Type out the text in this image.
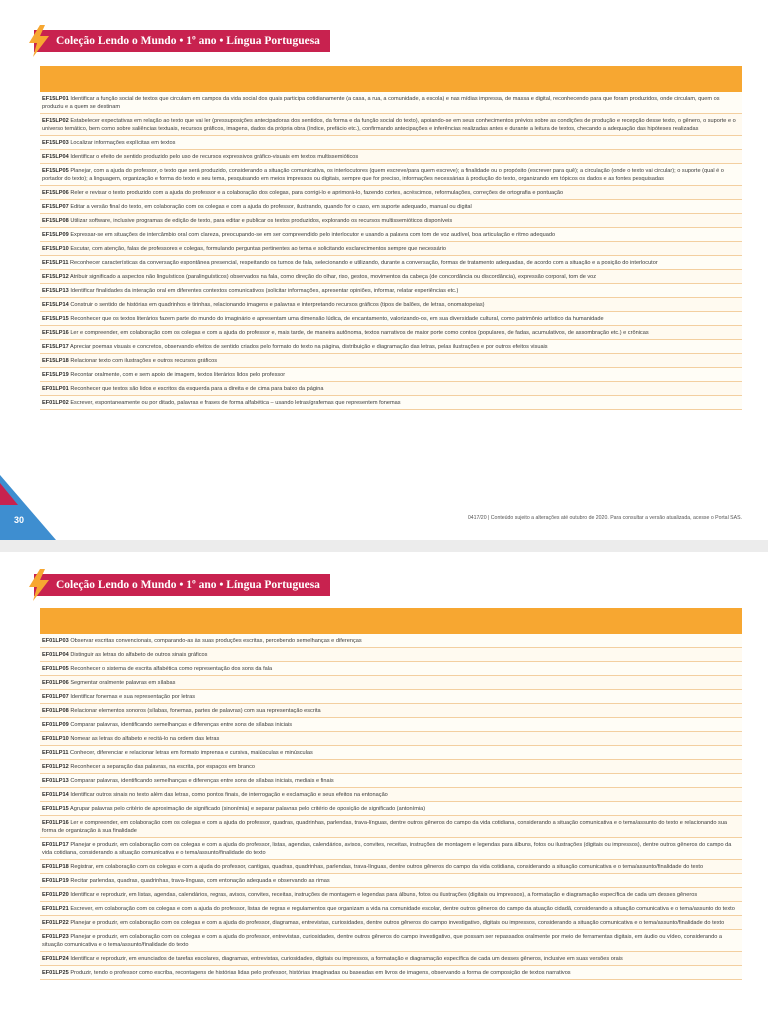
Coleção Lendo o Mundo • 1º ano • Língua Portuguesa
EF15LP01 Identificar a função social de textos que circulam em campos da vida social dos quais participa cotidianamente (a casa, a rua, a comunidade, a escola) e nas mídias impressa, de massa e digital, reconhecendo para que foram produzidos, onde circulam, quem os produziu e a quem se destinam
EF15LP02 Estabelecer expectativas em relação ao texto que vai ler (pressuposições antecipadoras dos sentidos, da forma e da função social do texto), apoiando-se em seus conhecimentos prévios sobre as condições de produção e recepção desse texto, o gênero, o suporte e o universo temático, bem como sobre saliências textuais, recursos gráficos, imagens, dados da própria obra (índice, prefácio etc.), confirmando antecipações e inferências realizadas antes e durante a leitura de textos, checando a adequação das hipóteses realizadas
EF15LP03 Localizar informações explícitas em textos
EF15LP04 Identificar o efeito de sentido produzido pelo uso de recursos expressivos gráfico-visuais em textos multissemióticos
EF15LP05 Planejar, com a ajuda do professor, o texto que será produzido, considerando a situação comunicativa, os interlocutores (quem escreve/para quem escreve); a finalidade ou o propósito (escrever para quê); a circulação (onde o texto vai circular); o suporte (qual é o portador do texto); a linguagem, organização e forma do texto e seu tema, pesquisando em meios impressos ou digitais, sempre que for preciso, informações necessárias à produção do texto, organizando em tópicos os dados e as fontes pesquisadas
EF15LP06 Reler e revisar o texto produzido com a ajuda do professor e a colaboração dos colegas, para corrigi-lo e aprimorá-lo, fazendo cortes, acréscimos, reformulações, correções de ortografia e pontuação
EF15LP07 Editar a versão final do texto, em colaboração com os colegas e com a ajuda do professor, ilustrando, quando for o caso, em suporte adequado, manual ou digital
EF15LP08 Utilizar software, inclusive programas de edição de texto, para editar e publicar os textos produzidos, explorando os recursos multissemióticos disponíveis
EF15LP09 Expressar-se em situações de intercâmbio oral com clareza, preocupando-se em ser compreendido pelo interlocutor e usando a palavra com tom de voz audível, boa articulação e ritmo adequado
EF15LP10 Escutar, com atenção, falas de professores e colegas, formulando perguntas pertinentes ao tema e solicitando esclarecimentos sempre que necessário
EF15LP11 Reconhecer características da conversação espontânea presencial, respeitando os turnos de fala, selecionando e utilizando, durante a conversação, formas de tratamento adequadas, de acordo com a situação e a posição do interlocutor
EF15LP12 Atribuir significado a aspectos não linguísticos (paralinguísticos) observados na fala, como direção do olhar, riso, gestos, movimentos da cabeça (de concordância ou discordância), expressão corporal, tom de voz
EF15LP13 Identificar finalidades da interação oral em diferentes contextos comunicativos (solicitar informações, apresentar opiniões, informar, relatar experiências etc.)
EF15LP14 Construir o sentido de histórias em quadrinhos e tirinhas, relacionando imagens e palavras e interpretando recursos gráficos (tipos de balões, de letras, onomatopeias)
EF15LP15 Reconhecer que os textos literários fazem parte do mundo do imaginário e apresentam uma dimensão lúdica, de encantamento, valorizando-os, em sua diversidade cultural, como patrimônio artístico da humanidade
EF15LP16 Ler e compreender, em colaboração com os colegas e com a ajuda do professor e, mais tarde, de maneira autônoma, textos narrativos de maior porte como contos (populares, de fadas, acumulativos, de assombração etc.) e crônicas
EF15LP17 Apreciar poemas visuais e concretos, observando efeitos de sentido criados pelo formato do texto na página, distribuição e diagramação das letras, pelas ilustrações e por outros efeitos visuais
EF15LP18 Relacionar texto com ilustrações e outros recursos gráficos
EF15LP19 Recontar oralmente, com e sem apoio de imagem, textos literários lidos pelo professor
EF01LP01 Reconhecer que textos são lidos e escritos da esquerda para a direita e de cima para baixo da página
EF01LP02 Escrever, espontaneamente ou por ditado, palavras e frases de forma alfabética – usando letras/grafemas que representem fonemas
0417/20 | Conteúdo sujeito a alterações até outubro de 2020. Para consultar a versão atualizada, acesse o Portal SAS.
30
Coleção Lendo o Mundo • 1º ano • Língua Portuguesa
EF01LP03 Observar escritas convencionais, comparando-as às suas produções escritas, percebendo semelhanças e diferenças
EF01LP04 Distinguir as letras do alfabeto de outros sinais gráficos
EF01LP05 Reconhecer o sistema de escrita alfabética como representação dos sons da fala
EF01LP06 Segmentar oralmente palavras em sílabas
EF01LP07 Identificar fonemas e sua representação por letras
EF01LP08 Relacionar elementos sonoros (sílabas, fonemas, partes de palavras) com sua representação escrita
EF01LP09 Comparar palavras, identificando semelhanças e diferenças entre sons de sílabas iniciais
EF01LP10 Nomear as letras do alfabeto e recitá-lo na ordem das letras
EF01LP11 Conhecer, diferenciar e relacionar letras em formato imprensa e cursiva, maiúsculas e minúsculas
EF01LP12 Reconhecer a separação das palavras, na escrita, por espaços em branco
EF01LP13 Comparar palavras, identificando semelhanças e diferenças entre sons de sílabas iniciais, mediais e finais
EF01LP14 Identificar outros sinais no texto além das letras, como pontos finais, de interrogação e exclamação e seus efeitos na entonação
EF01LP15 Agrupar palavras pelo critério de aproximação de significado (sinonímia) e separar palavras pelo critério de oposição de significado (antonímia)
EF01LP16 Ler e compreender, em colaboração com os colegas e com a ajuda do professor, quadras, quadrinhas, parlendas, trava-línguas, dentre outros gêneros do campo da vida cotidiana, considerando a situação comunicativa e o tema/assunto do texto e relacionando sua forma de organização à sua finalidade
EF01LP17 Planejar e produzir, em colaboração com os colegas e com a ajuda do professor, listas, agendas, calendários, avisos, convites, receitas, instruções de montagem e legendas para álbuns, fotos ou ilustrações (digitais ou impressos), dentre outros gêneros do campo da vida cotidiana, considerando a situação comunicativa e o tema/assunto/finalidade do texto
EF01LP18 Registrar, em colaboração com os colegas e com a ajuda do professor, cantigas, quadras, quadrinhas, parlendas, trava-línguas, dentre outros gêneros do campo da vida cotidiana, considerando a situação comunicativa e o tema/assunto/finalidade do texto
EF01LP19 Recitar parlendas, quadras, quadrinhas, trava-línguas, com entonação adequada e observando as rimas
EF01LP20 Identificar e reproduzir, em listas, agendas, calendários, regras, avisos, convites, receitas, instruções de montagem e legendas para álbuns, fotos ou ilustrações (digitais ou impressos), a formatação e diagramação específica de cada um desses gêneros
EF01LP21 Escrever, em colaboração com os colegas e com a ajuda do professor, listas de regras e regulamentos que organizam a vida na comunidade escolar, dentre outros gêneros do campo da atuação cidadã, considerando a situação comunicativa e o tema/assunto do texto
EF01LP22 Planejar e produzir, em colaboração com os colegas e com a ajuda do professor, diagramas, entrevistas, curiosidades, dentre outros gêneros do campo investigativo, digitais ou impressos, considerando a situação comunicativa e o tema/assunto/finalidade do texto
EF01LP23 Planejar e produzir, em colaboração com os colegas e com a ajuda do professor, entrevistas, curiosidades, dentre outros gêneros do campo investigativo, que possam ser repassados oralmente por meio de ferramentas digitais, em áudio ou vídeo, considerando a situação comunicativa e o tema/assunto/finalidade do texto
EF01LP24 Identificar e reproduzir, em enunciados de tarefas escolares, diagramas, entrevistas, curiosidades, digitais ou impressos, a formatação e diagramação específica de cada um desses gêneros, inclusive em suas versões orais
EF01LP25 Produzir, tendo o professor como escriba, recontagens de histórias lidas pelo professor, histórias imaginadas ou baseadas em livros de imagens, observando a forma de composição de textos narrativos
